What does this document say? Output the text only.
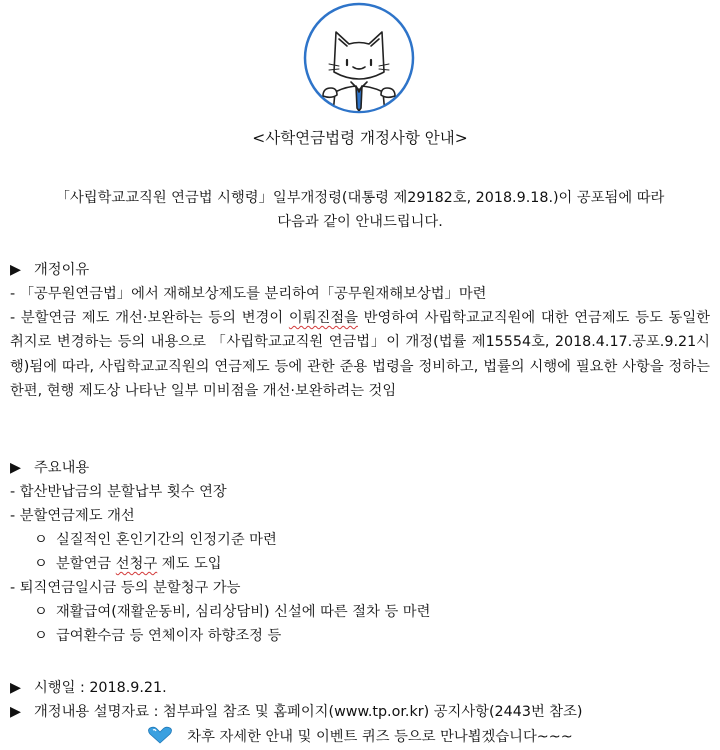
<사학연금법령 개정사항 안내>
「사립학교교직원 연금법 시행령」일부개정령(대통령 제29182호, 2018.9.18.)이 공포됨에 따라
다음과 같이 안내드립니다.
▶ 개정이유
- 「공무원연금법」에서 재해보상제도를 분리하여「공무원재해보상법」마련
- 분할연금 제도 개선·보완하는 등의 변경이 이뤄진점을 반영하여 사립학교교직원에 대한 연금제도 등도 동일한 취지로 변경하는 등의 내용으로 「사립학교교직원 연금법」이 개정(법률 제15554호, 2018.4.17.공포.9.21시행)됨에 따라, 사립학교교직원의 연금제도 등에 관한 준용 법령을 정비하고, 법률의 시행에 필요한 사항을 정하는 한편, 현행 제도상 나타난 일부 미비점을 개선·보완하려는 것임
▶ 주요내용
- 합산반납금의 분할납부 횟수 연장
- 분할연금제도 개선
ㅇ 실질적인 혼인기간의 인정기준 마련
ㅇ 분할연금 선청구 제도 도입
- 퇴직연금일시금 등의 분할청구 가능
ㅇ 재활급여(재활운동비, 심리상담비) 신설에 따른 절차 등 마련
ㅇ 급여환수금 등 연체이자 하향조정 등
▶ 시행일 : 2018.9.21.
▶ 개정내용 설명자료 : 첨부파일 참조 및 홈페이지(www.tp.or.kr) 공지사항(2443번 참조)
차후 자세한 안내 및 이벤트 퀴즈 등으로 만나뵙겠습니다~~~
